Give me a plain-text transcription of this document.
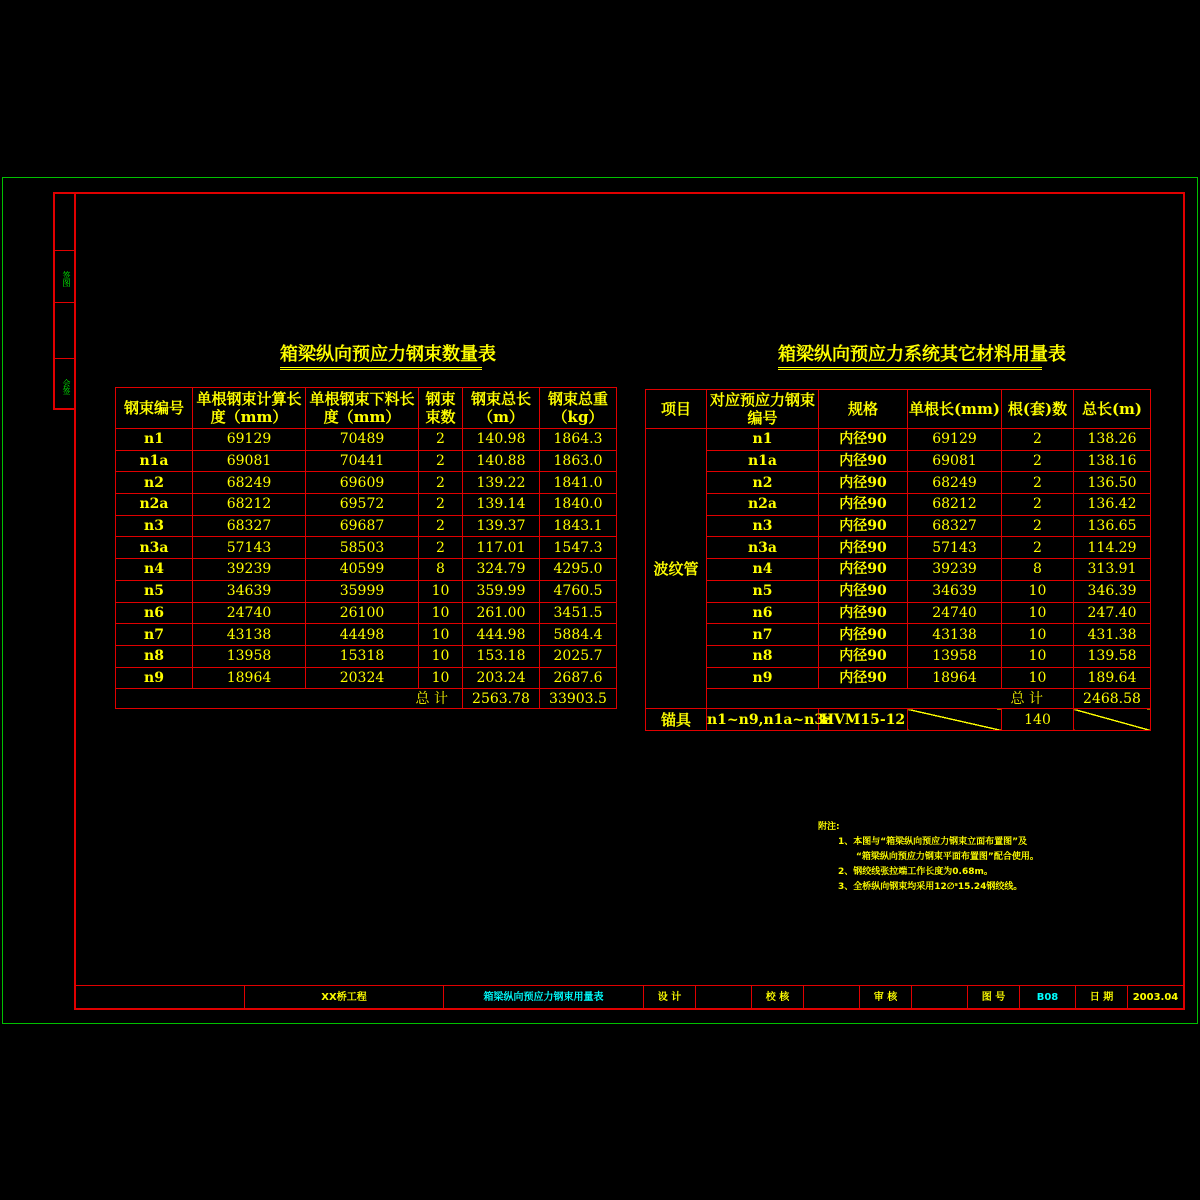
签图
会签
箱梁纵向预应力钢束数量表
钢束编号	单根钢束计算长度（mm）	单根钢束下料长度（mm）	钢束束数	钢束总长（m）	钢束总重（kg）
n1	69129	70489	2	140.98	1864.3
n1a	69081	70441	2	140.88	1863.0
n2	68249	69609	2	139.22	1841.0
n2a	68212	69572	2	139.14	1840.0
n3	68327	69687	2	139.37	1843.1
n3a	57143	58503	2	117.01	1547.3
n4	39239	40599	8	324.79	4295.0
n5	34639	35999	10	359.99	4760.5
n6	24740	26100	10	261.00	3451.5
n7	43138	44498	10	444.98	5884.4
n8	13958	15318	10	153.18	2025.7
n9	18964	20324	10	203.24	2687.6
总 计				2563.78	33903.5
箱梁纵向预应力系统其它材料用量表
项目	对应预应力钢束编号	规格	单根长(mm)	根(套)数	总长(m)
波纹管	n1	内径90	69129	2	138.26
	n1a	内径90	69081	2	138.16
	n2	内径90	68249	2	136.50
	n2a	内径90	68212	2	136.42
	n3	内径90	68327	2	136.65
	n3a	内径90	57143	2	114.29
	n4	内径90	39239	8	313.91
	n5	内径90	34639	10	346.39
	n6	内径90	24740	10	247.40
	n7	内径90	43138	10	431.38
	n8	内径90	13958	10	139.58
	n9	内径90	18964	10	189.64
	总 计				2468.58
锚具	n1~n9,n1a~n3a	HVM15-12		140	
附注:
1、本图与“箱梁纵向预应力钢束立面布置图”及
“箱梁纵向预应力钢束平面布置图”配合使用。
2、钢绞线张拉端工作长度为0.68m。
3、全桥纵向钢束均采用12∅ˢ15.24钢绞线。
XX桥工程	箱梁纵向预应力钢束用量表	设 计	校 核	审 核	图 号	B08	日 期	2003.04
